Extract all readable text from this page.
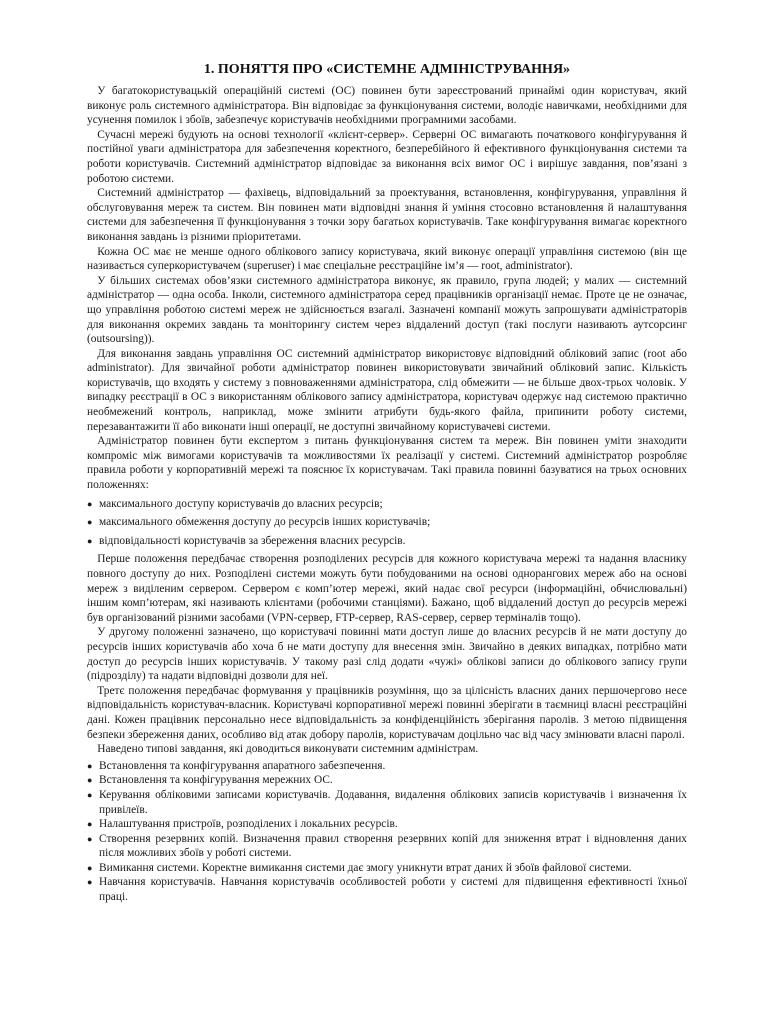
1. ПОНЯТТЯ ПРО «СИСТЕМНЕ АДМІНІСТРУВАННЯ»

У багатокористувацькій операційній системі (ОС) повинен бути зареєстрований принаймі один користувач, який виконує роль системного адміністратора. Він відповідає за функціонування системи, володіє навичками, необхідними для усунення помилок і збоїв, забезпечує користувачів необхідними програмними засобами.

Сучасні мережі будують на основі технології «клієнт-сервер». Серверні ОС вимагають початкового конфігурування й постійної уваги адміністратора для забезпечення коректного, безперебійного й ефективного функціонування системи та роботи користувачів. Системний адміністратор відповідає за виконання всіх вимог ОС і вирішує завдання, пов’язані з роботою системи.

Системний адміністратор — фахівець, відповідальний за проектування, встановлення, конфігурування, управління й обслуговування мереж та систем. Він повинен мати відповідні знання й уміння стосовно встановлення й налаштування системи для забезпечення її функціонування з точки зору багатьох користувачів. Таке конфігурування вимагає коректного виконання завдань із різними пріоритетами.

Кожна ОС має не менше одного облікового запису користувача, який виконує операції управління системою (він ще називається суперкористувачем (superuser) і має спеціальне реєстраційне ім’я — root, administrator).

У більших системах обов’язки системного адміністратора виконує, як правило, група людей; у малих — системний адміністратор — одна особа. Інколи, системного адміністратора серед працівників організації немає. Проте це не означає, що управління роботою системі мереж не здійснюється взагалі. Зазначені компанії можуть запрошувати адміністраторів для виконання окремих завдань та моніторингу систем через віддалений доступ (такі послуги називають аутсорсинг (outsoursing)).

Для виконання завдань управління ОС системний адміністратор використовує відповідний обліковий запис (root або administrator). Для звичайної роботи адміністратор повинен використовувати звичайний обліковий запис. Кількість користувачів, що входять у систему з повноваженнями адміністратора, слід обмежити — не більше двох-трьох чоловік. У випадку реєстрації в ОС з використанням облікового запису адміністратора, користувач одержує над системою практично необмежений контроль, наприклад, може змінити атрибути будь-якого файла, припинити роботу системи, перезавантажити її або виконати інші операції, не доступні звичайному користувачеві системи.

Адміністратор повинен бути експертом з питань функціонування систем та мереж. Він повинен уміти знаходити компроміс між вимогами користувачів та можливостями їх реалізації у системі. Системний адміністратор розробляє правила роботи у корпоративній мережі та пояснює їх користувачам. Такі правила повинні базуватися на трьох основних положеннях:

● максимального доступу користувачів до власних ресурсів;
● максимального обмеження доступу до ресурсів інших користувачів;
● відповідальності користувачів за збереження власних ресурсів.

Перше положення передбачає створення розподілених ресурсів для кожного користувача мережі та надання власнику повного доступу до них. Розподілені системи можуть бути побудованими на основі однорангових мереж або на основі мереж з виділеним сервером. Сервером є комп’ютер мережі, який надає свої ресурси (інформаційні, обчислювальні) іншим комп’ютерам, які називають клієнтами (робочими станціями). Бажано, щоб віддалений доступ до ресурсів мережі був організований різними засобами (VPN-сервер, FTP-сервер, RAS-сервер, сервер терміналів тощо).

У другому положенні зазначено, що користувачі повинні мати доступ лише до власних ресурсів й не мати доступу до ресурсів інших користувачів або хоча б не мати доступу для внесення змін. Звичайно в деяких випадках, потрібно мати доступ до ресурсів інших користувачів. У такому разі слід додати «чужі» облікові записи до облікового запису групи (підрозділу) та надати відповідні дозволи для неї.

Третє положення передбачає формування у працівників розуміння, що за цілісність власних даних першочергово несе відповідальність користувач-власник. Користувачі корпоративної мережі повинні зберігати в таємниці власні реєстраційні дані. Кожен працівник персонально несе відповідальність за конфіденційність зберігання паролів. З метою підвищення безпеки збереження даних, особливо від атак добору паролів, користувачам доцільно час від часу змінювати власні паролі.

Наведено типові завдання, які доводиться виконувати системним адміністрам.

● Встановлення та конфігурування апаратного забезпечення.
● Встановлення та конфігурування мережних ОС.
● Керування обліковими записами користувачів. Додавання, видалення облікових записів користувачів і визначення їх привілеїв.
● Налаштування пристроїв, розподілених і локальних ресурсів.
● Створення резервних копій. Визначення правил створення резервних копій для зниження втрат і відновлення даних після можливих збоїв у роботі системи.
● Вимикання системи. Коректне вимикання системи дає змогу уникнути втрат даних й збоїв файлової системи.
● Навчання користувачів. Навчання користувачів особливостей роботи у системі для підвищення ефективності їхньої праці.
